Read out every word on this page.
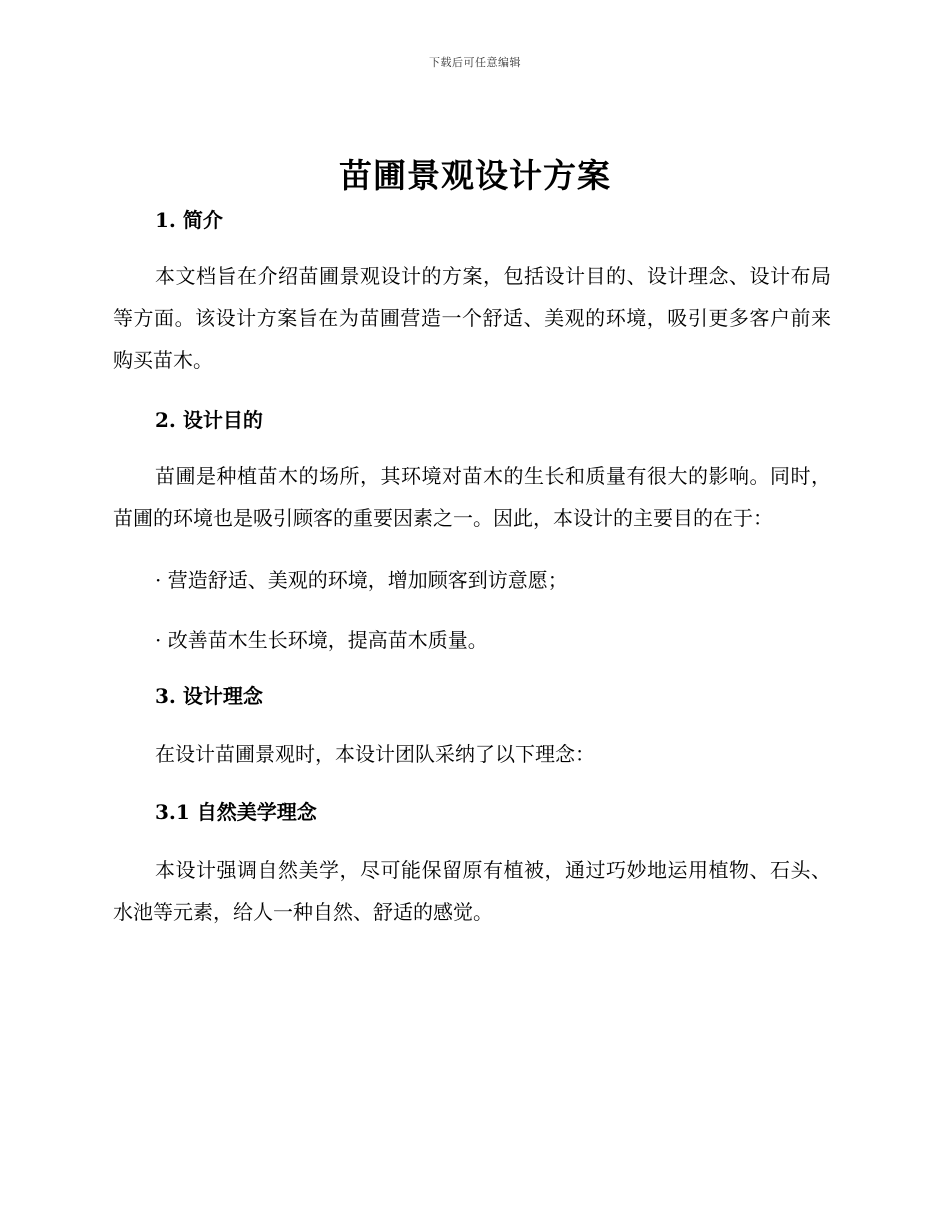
下载后可任意编辑
苗圃景观设计方案
1. 简介

本文档旨在介绍苗圃景观设计的方案，包括设计目的、设计理念、设计布局等方面。该设计方案旨在为苗圃营造一个舒适、美观的环境，吸引更多客户前来购买苗木。

2. 设计目的

苗圃是种植苗木的场所，其环境对苗木的生长和质量有很大的影响。同时，苗圃的环境也是吸引顾客的重要因素之一。因此，本设计的主要目的在于：

· 营造舒适、美观的环境，增加顾客到访意愿；

· 改善苗木生长环境，提高苗木质量。

3. 设计理念

在设计苗圃景观时，本设计团队采纳了以下理念：

3.1 自然美学理念

本设计强调自然美学，尽可能保留原有植被，通过巧妙地运用植物、石头、水池等元素，给人一种自然、舒适的感觉。
